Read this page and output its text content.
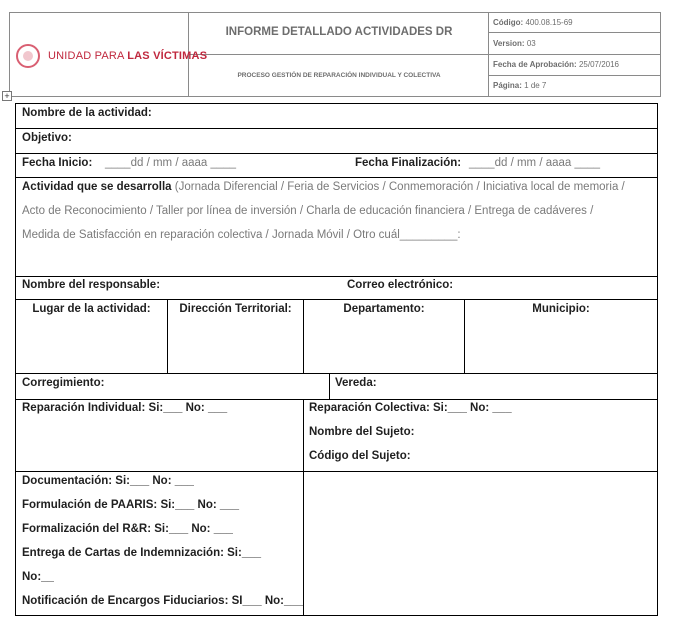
UNIDAD PARA LAS VÍCTIMAS
INFORME DETALLADO ACTIVIDADES DR
PROCESO GESTIÓN DE REPARACIÓN INDIVIDUAL Y COLECTIVA
Código: 400.08.15-69
Version: 03
Fecha de Aprobación: 25/07/2016
Página: 1 de 7
+
Nombre de la actividad:
Objetivo:
Fecha Inicio: ____dd / mm / aaaa ____	Fecha Finalización: ____dd / mm / aaaa ____
Actividad que se desarrolla (Jornada Diferencial / Feria de Servicios / Conmemoración / Iniciativa local de memoria /
Acto de Reconocimiento / Taller por línea de inversión / Charla de educación financiera / Entrega de cadáveres /
Medida de Satisfacción en reparación colectiva / Jornada Móvil / Otro cuál_________:
Nombre del responsable:	Correo electrónico:
Lugar de la actividad:	Dirección Territorial:	Departamento:	Municipio:
Corregimiento:	Vereda:
Reparación Individual: Si:___ No: ___	Reparación Colectiva: Si:___ No: ___
Nombre del Sujeto:
Código del Sujeto:
Documentación: Si:___ No: ___
Formulación de PAARIS: Si:___ No: ___
Formalización del R&R: Si:___ No: ___
Entrega de Cartas de Indemnización: Si:___
No:__
Notificación de Encargos Fiduciarios: SI___ No:___
